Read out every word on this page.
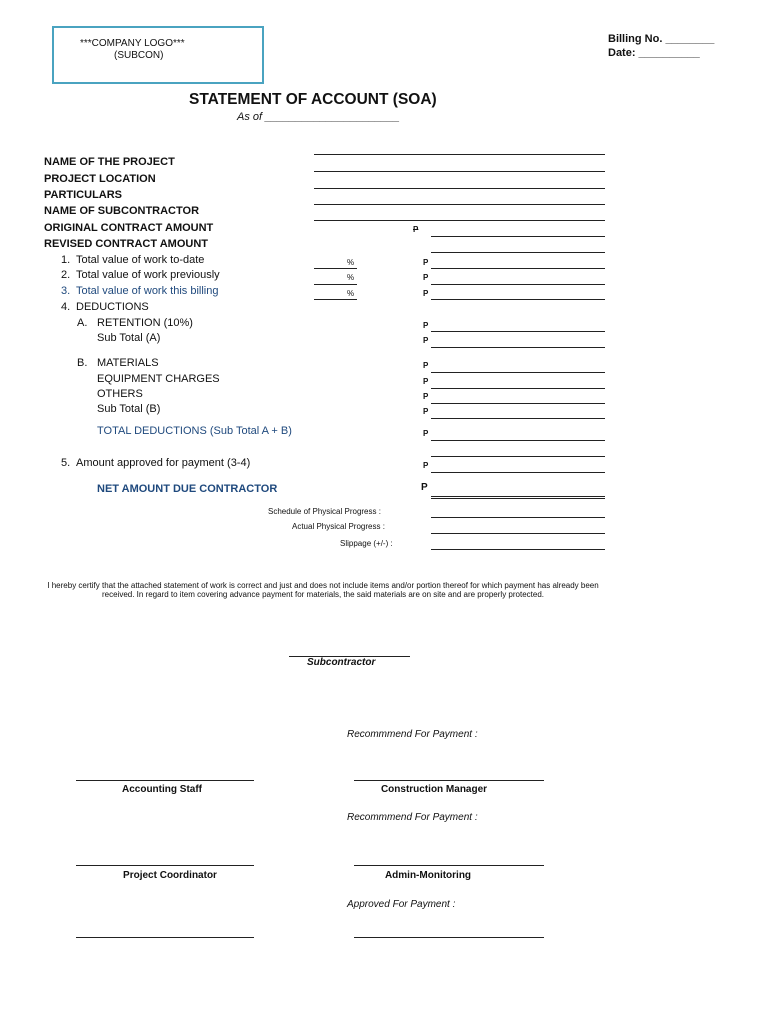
***COMPANY LOGO***
(SUBCON)
Billing No. ________
Date: __________
STATEMENT OF ACCOUNT (SOA)
As of ______________________
NAME OF THE PROJECT
PROJECT LOCATION
PARTICULARS
NAME OF SUBCONTRACTOR
ORIGINAL CONTRACT AMOUNT	P
REVISED CONTRACT AMOUNT
1. Total value of work to-date	%	P
2. Total value of work previously	%	P
3. Total value of work this billing	%	P
4. DEDUCTIONS
A. RETENTION (10%)	P
Sub Total (A)	P
B. MATERIALS	P
EQUIPMENT CHARGES	P
OTHERS	P
Sub Total (B)	P
TOTAL DEDUCTIONS (Sub Total A + B)	P
5. Amount approved for payment (3-4)	P
NET AMOUNT DUE CONTRACTOR	P
Schedule of Physical Progress :
Actual Physical Progress :
Slippage (+/-) :
I hereby certify that the attached statement of work is correct and just and does not include items and/or portion thereof for which payment has already been received. In regard to item covering advance payment for materials, the said materials are on site and are properly protected.
Subcontractor
Recommmend For Payment :
Accounting Staff	Construction Manager
Recommmend For Payment :
Project Coordinator	Admin-Monitoring
Approved For Payment :
